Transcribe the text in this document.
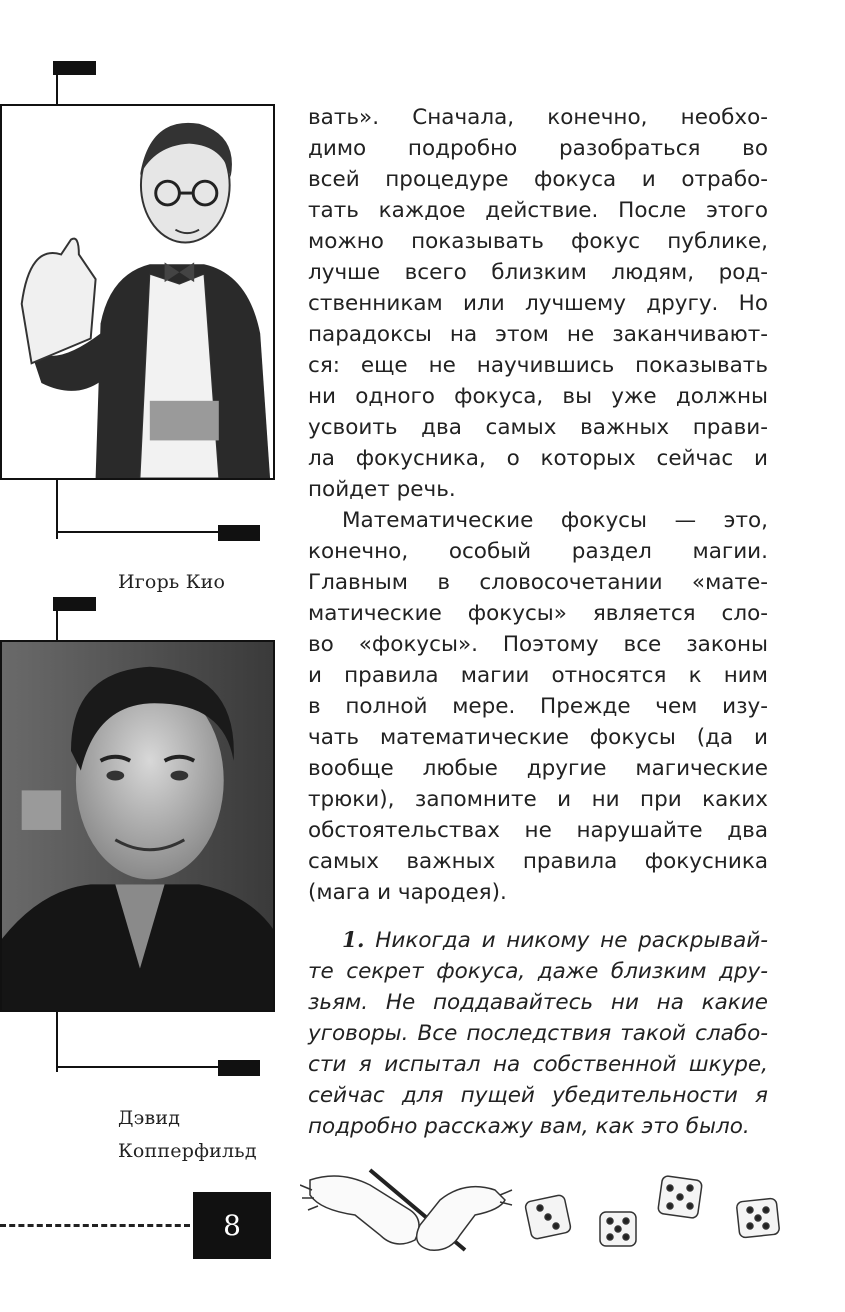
Игорь Кио
Дэвид
Копперфильд
вать». Сначала, конечно, необхо-
димо подробно разобраться во
всей процедуре фокуса и отрабо-
тать каждое действие. После этого
можно показывать фокус публике,
лучше всего близким людям, род-
ственникам или лучшему другу. Но
парадоксы на этом не заканчивают-
ся: еще не научившись показывать
ни одного фокуса, вы уже должны
усвоить два самых важных прави-
ла фокусника, о которых сейчас и
пойдет речь.
Математические фокусы — это,
конечно, особый раздел магии.
Главным в словосочетании «мате-
матические фокусы» является сло-
во «фокусы». Поэтому все законы
и правила магии относятся к ним
в полной мере. Прежде чем изу-
чать математические фокусы (да и
вообще любые другие магические
трюки), запомните и ни при каких
обстоятельствах не нарушайте два
самых важных правила фокусника
(мага и чародея).
1. Никогда и никому не раскрывай-
те секрет фокуса, даже близким дру-
зьям. Не поддавайтесь ни на какие
уговоры. Все последствия такой слабо-
сти я испытал на собственной шкуре,
сейчас для пущей убедительности я
подробно расскажу вам, как это было.
8
